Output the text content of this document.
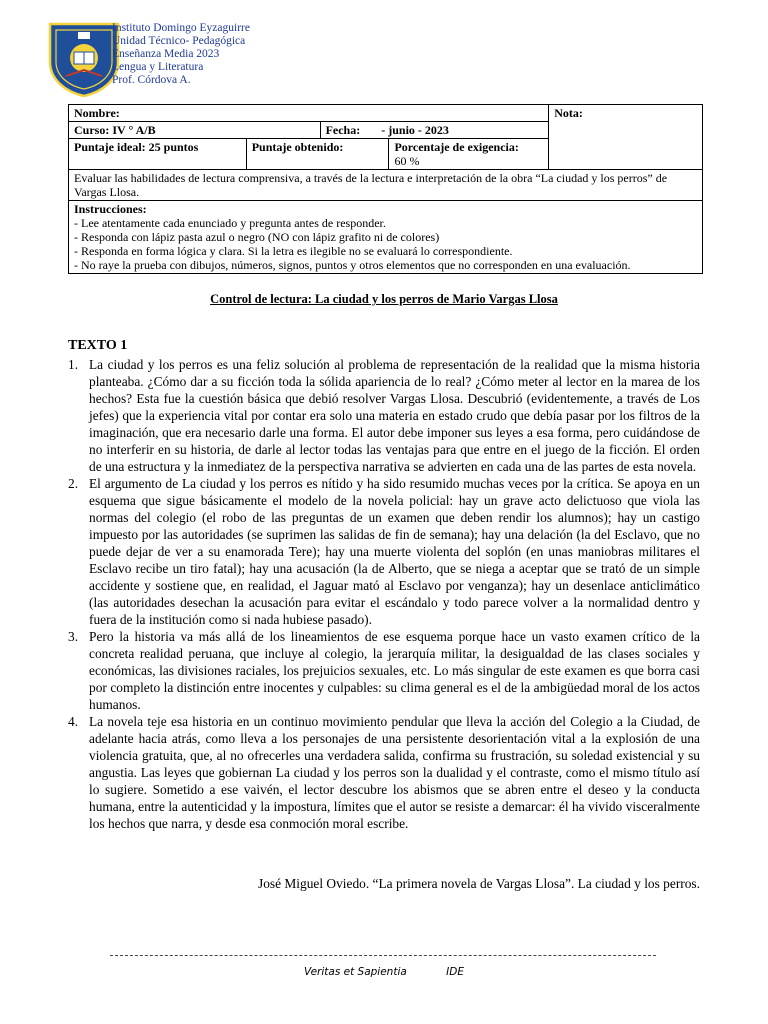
Instituto Domingo Eyzaguirre
Unidad Técnico- Pedagógica
Enseñanza Media 2023
Lengua y Literatura
Prof. Córdova A.
Nombre:				Nota:
Curso: IV ° A/B		Fecha: - junio - 2023		
Puntaje ideal: 25 puntos	Puntaje obtenido:		Porcentaje de exigencia:
60 %	

Evaluar las habilidades de lectura comprensiva, a través de la lectura e interpretación de la obra “La ciudad y los perros” de Vargas Llosa.				

Instrucciones:
- Lee atentamente cada enunciado y pregunta antes de responder.
- Responda con lápiz pasta azul o negro (NO con lápiz grafito ni de colores)
- Responda en forma lógica y clara. Si la letra es ilegible no se evaluará lo correspondiente.
- No raye la prueba con dibujos, números, signos, puntos y otros elementos que no corresponden en una evaluación.				
Control de lectura: La ciudad y los perros de Mario Vargas Llosa
TEXTO 1
1. La ciudad y los perros es una feliz solución al problema de representación de la realidad que la misma historia planteaba. ¿Cómo dar a su ficción toda la sólida apariencia de lo real? ¿Cómo meter al lector en la marea de los hechos? Esta fue la cuestión básica que debió resolver Vargas Llosa. Descubrió (evidentemente, a través de Los jefes) que la experiencia vital por contar era solo una materia en estado crudo que debía pasar por los filtros de la imaginación, que era necesario darle una forma. El autor debe imponer sus leyes a esa forma, pero cuidándose de no interferir en su historia, de darle al lector todas las ventajas para que entre en el juego de la ficción. El orden de una estructura y la inmediatez de la perspectiva narrativa se advierten en cada una de las partes de esta novela.
2. El argumento de La ciudad y los perros es nítido y ha sido resumido muchas veces por la crítica. Se apoya en un esquema que sigue básicamente el modelo de la novela policial: hay un grave acto delictuoso que viola las normas del colegio (el robo de las preguntas de un examen que deben rendir los alumnos); hay un castigo impuesto por las autoridades (se suprimen las salidas de fin de semana); hay una delación (la del Esclavo, que no puede dejar de ver a su enamorada Tere); hay una muerte violenta del soplón (en unas maniobras militares el Esclavo recibe un tiro fatal); hay una acusación (la de Alberto, que se niega a aceptar que se trató de un simple accidente y sostiene que, en realidad, el Jaguar mató al Esclavo por venganza); hay un desenlace anticlimático (las autoridades desechan la acusación para evitar el escándalo y todo parece volver a la normalidad dentro y fuera de la institución como si nada hubiese pasado).
3. Pero la historia va más allá de los lineamientos de ese esquema porque hace un vasto examen crítico de la concreta realidad peruana, que incluye al colegio, la jerarquía militar, la desigualdad de las clases sociales y económicas, las divisiones raciales, los prejuicios sexuales, etc. Lo más singular de este examen es que borra casi por completo la distinción entre inocentes y culpables: su clima general es el de la ambigüedad moral de los actos humanos.
4. La novela teje esa historia en un continuo movimiento pendular que lleva la acción del Colegio a la Ciudad, de adelante hacia atrás, como lleva a los personajes de una persistente desorientación vital a la explosión de una violencia gratuita, que, al no ofrecerles una verdadera salida, confirma su frustración, su soledad existencial y su angustia. Las leyes que gobiernan La ciudad y los perros son la dualidad y el contraste, como el mismo título así lo sugiere. Sometido a ese vaivén, el lector descubre los abismos que se abren entre el deseo y la conducta humana, entre la autenticidad y la impostura, límites que el autor se resiste a demarcar: él ha vivido visceralmente los hechos que narra, y desde esa conmoción moral escribe.
José Miguel Oviedo. “La primera novela de Vargas Llosa”. La ciudad y los perros.
Veritas et Sapientia	IDE
